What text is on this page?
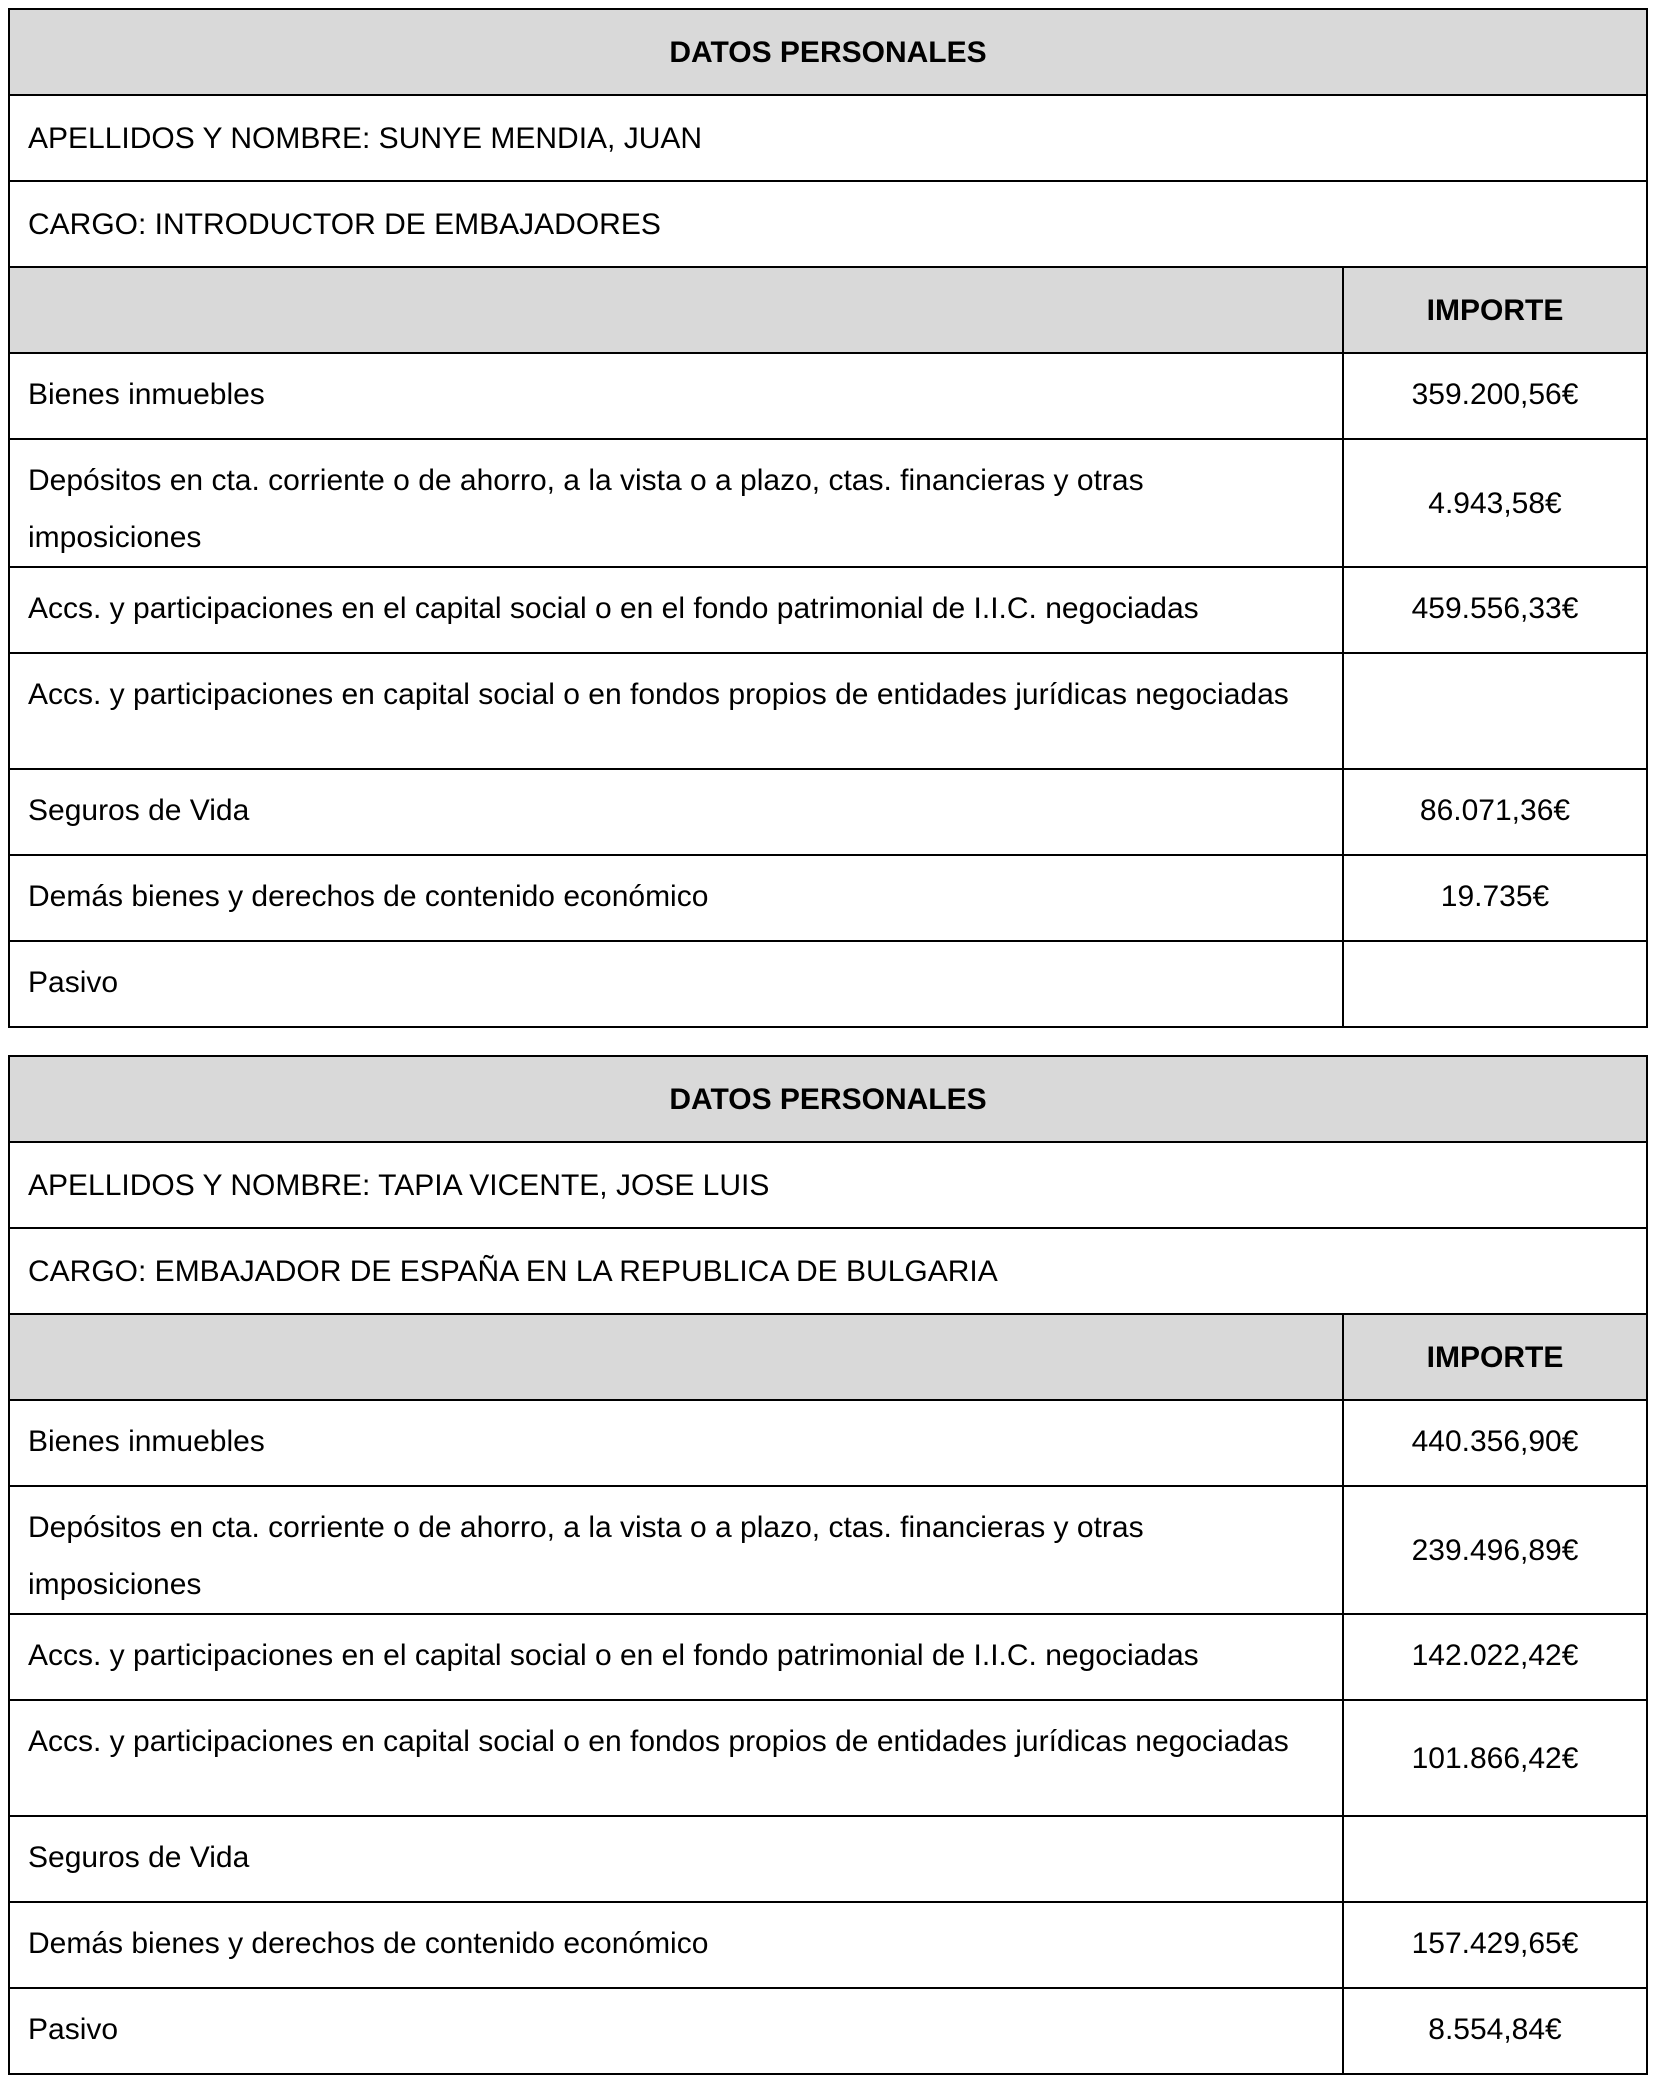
DATOS PERSONALES	
APELLIDOS Y NOMBRE: SUNYE MENDIA, JUAN	
CARGO: INTRODUCTOR DE EMBAJADORES	
	IMPORTE
Bienes inmuebles	359.200,56€
Depósitos en cta. corriente o de ahorro, a la vista o a plazo, ctas. financieras y otras imposiciones	4.943,58€
Accs. y participaciones en el capital social o en el fondo patrimonial de I.I.C. negociadas	459.556,33€
Accs. y participaciones en capital social o en fondos propios de entidades jurídicas negociadas	
Seguros de Vida	86.071,36€
Demás bienes y derechos de contenido económico	19.735€
Pasivo	
DATOS PERSONALES	
APELLIDOS Y NOMBRE: TAPIA VICENTE, JOSE LUIS	
CARGO: EMBAJADOR DE ESPAÑA EN LA REPUBLICA DE BULGARIA	
	IMPORTE
Bienes inmuebles	440.356,90€
Depósitos en cta. corriente o de ahorro, a la vista o a plazo, ctas. financieras y otras imposiciones	239.496,89€
Accs. y participaciones en el capital social o en el fondo patrimonial de I.I.C. negociadas	142.022,42€
Accs. y participaciones en capital social o en fondos propios de entidades jurídicas negociadas	101.866,42€
Seguros de Vida	
Demás bienes y derechos de contenido económico	157.429,65€
Pasivo	8.554,84€
